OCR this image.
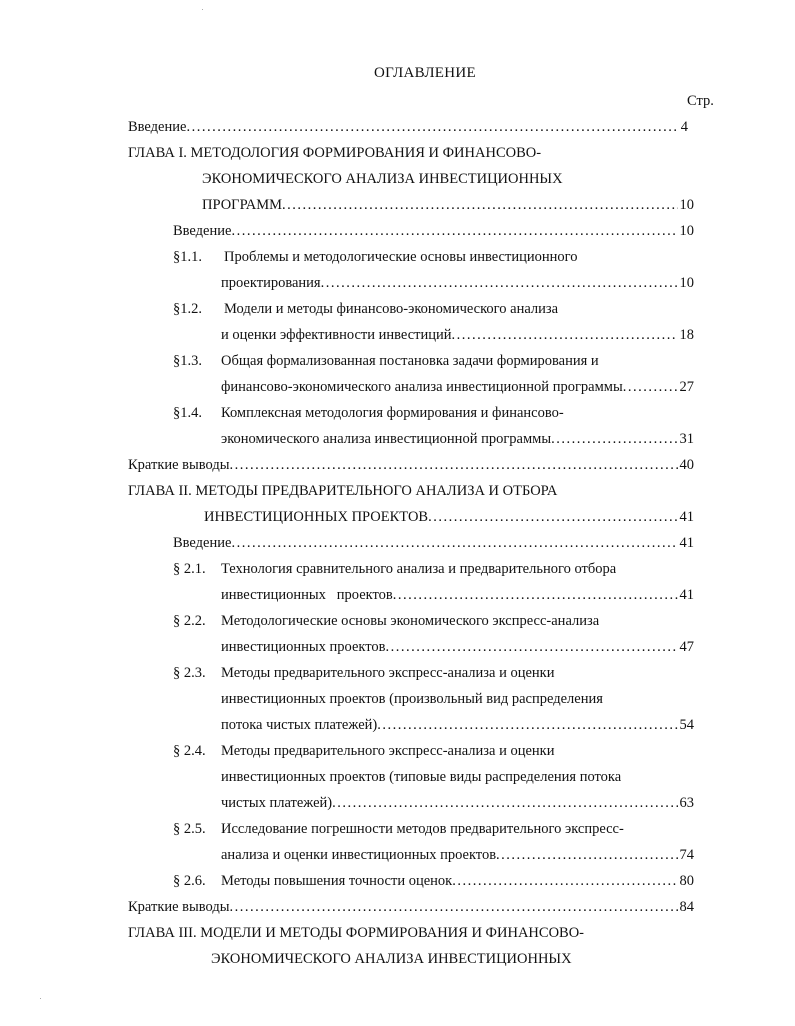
ОГЛАВЛЕНИЕ
Стр.
Введение .....	4
ГЛАВА I. МЕТОДОЛОГИЯ ФОРМИРОВАНИЯ И ФИНАНСОВО-
ЭКОНОМИЧЕСКОГО АНАЛИЗА ИНВЕСТИЦИОННЫХ
ПРОГРАММ .....	10
Введение .....	10
§1.1. Проблемы и методологические основы инвестиционного
проектирования .....	10
§1.2. Модели и методы финансово-экономического анализа
и оценки эффективности инвестиций .....	18
§1.3. Общая формализованная постановка задачи формирования и
финансово-экономического анализа инвестиционной программы .....	27
§1.4. Комплексная методология формирования и финансово-
экономического анализа инвестиционной программы .....	31
Краткие выводы .....	40
ГЛАВА II. МЕТОДЫ ПРЕДВАРИТЕЛЬНОГО АНАЛИЗА И ОТБОРА
ИНВЕСТИЦИОННЫХ ПРОЕКТОВ .....	41
Введение .....	41
§ 2.1. Технология сравнительного анализа и предварительного отбора
инвестиционных   проектов .....	41
§ 2.2. Методологические основы экономического экспресс-анализа
инвестиционных проектов .....	47
§ 2.3. Методы предварительного экспресс-анализа и оценки
инвестиционных проектов (произвольный вид распределения
потока чистых платежей) .....	54
§ 2.4. Методы предварительного экспресс-анализа и оценки
инвестиционных проектов (типовые виды распределения потока
чистых платежей) .....	63
§ 2.5. Исследование погрешности методов предварительного экспресс-
анализа и оценки инвестиционных проектов .....	74
§ 2.6. Методы повышения точности оценок .....	80
Краткие выводы .....	84
ГЛАВА III. МОДЕЛИ И МЕТОДЫ ФОРМИРОВАНИЯ И ФИНАНСОВО-
ЭКОНОМИЧЕСКОГО АНАЛИЗА ИНВЕСТИЦИОННЫХ
